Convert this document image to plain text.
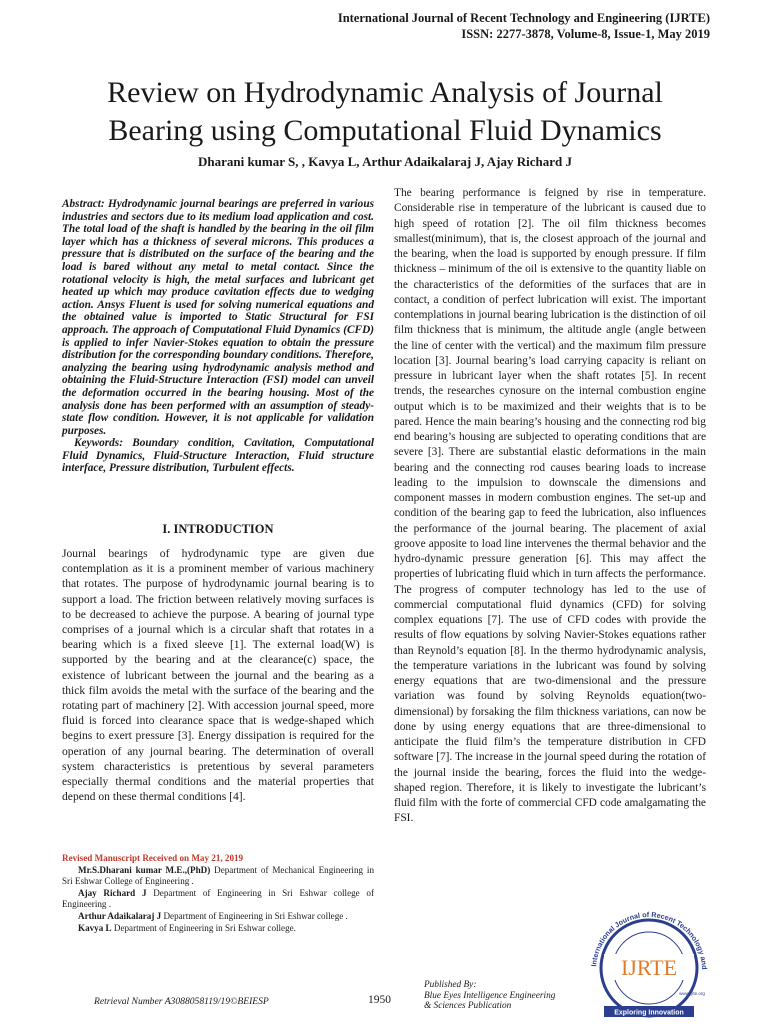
International Journal of Recent Technology and Engineering (IJRTE)
ISSN: 2277-3878, Volume-8, Issue-1, May 2019
Review on Hydrodynamic Analysis of Journal
Bearing using Computational Fluid Dynamics
Dharani kumar S, , Kavya L, Arthur Adaikalaraj J, Ajay Richard J

Abstract: Hydrodynamic journal bearings are preferred in various industries and sectors due to its medium load application and cost. The total load of the shaft is handled by the bearing in the oil film layer which has a thickness of several microns. This produces a pressure that is distributed on the surface of the bearing and the load is bared without any metal to metal contact. Since the rotational velocity is high, the metal surfaces and lubricant get heated up which may produce cavitation effects due to wedging action. Ansys Fluent is used for solving numerical equations and the obtained value is imported to Static Structural for FSI approach. The approach of Computational Fluid Dynamics (CFD) is applied to infer Navier-Stokes equation to obtain the pressure distribution for the corresponding boundary conditions. Therefore, analyzing the bearing using hydrodynamic analysis method and obtaining the Fluid-Structure Interaction (FSI) model can unveil the deformation occurred in the bearing housing. Most of the analysis done has been performed with an assumption of steady-state flow condition. However, it is not applicable for validation purposes.

Keywords: Boundary condition, Cavitation, Computational Fluid Dynamics, Fluid-Structure Interaction, Fluid structure interface, Pressure distribution, Turbulent effects.

I. INTRODUCTION

Journal bearings of hydrodynamic type are given due contemplation as it is a prominent member of various machinery that rotates. The purpose of hydrodynamic journal bearing is to support a load. The friction between relatively moving surfaces is to be decreased to achieve the purpose. A bearing of journal type comprises of a journal which is a circular shaft that rotates in a bearing which is a fixed sleeve [1]. The external load(W) is supported by the bearing and at the clearance(c) space, the existence of lubricant between the journal and the bearing as a thick film avoids the metal with the surface of the bearing and the rotating part of machinery [2]. With accession journal speed, more fluid is forced into clearance space that is wedge-shaped which begins to exert pressure [3]. Energy dissipation is required for the operation of any journal bearing. The determination of overall system characteristics is pretentious by several parameters especially thermal conditions and the material properties that depend on these thermal conditions [4].

Revised Manuscript Received on May 21, 2019

Mr.S.Dharani kumar M.E.,(PhD) Department of Mechanical Engineering in Sri Eshwar College of Engineering .

Ajay Richard J Department of Engineering in Sri Eshwar college of Engineering .

Arthur Adaikalaraj J Department of Engineering in Sri Eshwar college .

Kavya L Department of Engineering in Sri Eshwar college.

The bearing performance is feigned by rise in temperature. Considerable rise in temperature of the lubricant is caused due to high speed of rotation [2]. The oil film thickness becomes smallest(minimum), that is, the closest approach of the journal and the bearing, when the load is supported by enough pressure. If film thickness – minimum of the oil is extensive to the quantity liable on the characteristics of the deformities of the surfaces that are in contact, a condition of perfect lubrication will exist. The important contemplations in journal bearing lubrication is the distinction of oil film thickness that is minimum, the altitude angle (angle between the line of center with the vertical) and the maximum film pressure location [3]. Journal bearing’s load carrying capacity is reliant on pressure in lubricant layer when the shaft rotates [5]. In recent trends, the researches cynosure on the internal combustion engine output which is to be maximized and their weights that is to be pared. Hence the main bearing’s housing and the connecting rod big end bearing’s housing are subjected to operating conditions that are severe [3]. There are substantial elastic deformations in the main bearing and the connecting rod causes bearing loads to increase leading to the impulsion to downscale the dimensions and component masses in modern combustion engines. The set-up and condition of the bearing gap to feed the lubrication, also influences the performance of the journal bearing. The placement of axial groove apposite to load line intervenes the thermal behavior and the hydro-dynamic pressure generation [6]. This may affect the properties of lubricating fluid which in turn affects the performance. The progress of computer technology has led to the use of commercial computational fluid dynamics (CFD) for solving complex equations [7]. The use of CFD codes with provide the results of flow equations by solving Navier-Stokes equations rather than Reynold’s equation [8]. In the thermo hydrodynamic analysis, the temperature variations in the lubricant was found by solving energy equations that are two-dimensional and the pressure variation was found by solving Reynolds equation(two-dimensional) by forsaking the film thickness variations, can now be done by using energy equations that are three-dimensional to anticipate the fluid film’s the temperature distribution in CFD software [7]. The increase in the journal speed during the rotation of the journal inside the bearing, forces the fluid into the wedge-shaped region. Therefore, it is likely to investigate the lubricant’s fluid film with the forte of commercial CFD code amalgamating the FSI.

Retrieval Number A3088058119/19©BEIESP	1950
Published By:
Blue Eyes Intelligence Engineering
& Sciences Publication
International Journal of Recent Technology and
IJRTE
www.ijrte.org
Exploring Innovation
